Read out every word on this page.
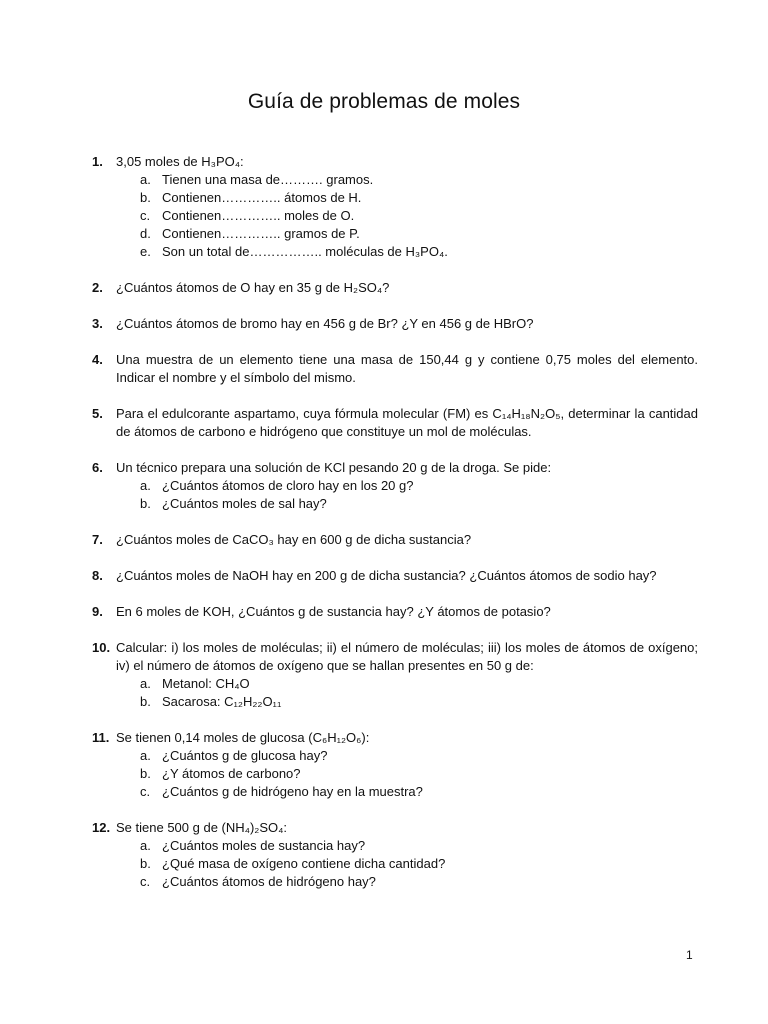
Guía de problemas de moles
1.	3,05 moles de H₃PO₄:
a. Tienen una masa de………. gramos.
b. Contienen………….. átomos de H.
c. Contienen………….. moles de O.
d. Contienen………….. gramos de P.
e. Son un total de…………….. moléculas de H₃PO₄.
2.	¿Cuántos átomos de O hay en 35 g de H₂SO₄?
3.	¿Cuántos átomos de bromo hay en 456 g de Br? ¿Y en 456 g de HBrO?
4.	Una muestra de un elemento tiene una masa de 150,44 g y contiene 0,75 moles del elemento. Indicar el nombre y el símbolo del mismo.
5.	Para el edulcorante aspartamo, cuya fórmula molecular (FM) es C₁₄H₁₈N₂O₅, determinar la cantidad de átomos de carbono e hidrógeno que constituye un mol de moléculas.
6.	Un técnico prepara una solución de KCl pesando 20 g de la droga. Se pide:
a. ¿Cuántos átomos de cloro hay en los 20 g?
b. ¿Cuántos moles de sal hay?
7.	¿Cuántos moles de CaCO₃ hay en 600 g de dicha sustancia?
8.	¿Cuántos moles de NaOH hay en 200 g de dicha sustancia? ¿Cuántos átomos de sodio hay?
9.	En 6 moles de KOH, ¿Cuántos g de sustancia hay? ¿Y átomos de potasio?
10. Calcular: i) los moles de moléculas; ii) el número de moléculas; iii) los moles de átomos de oxígeno; iv) el número de átomos de oxígeno que se hallan presentes en 50 g de:
a. Metanol: CH₄O
b. Sacarosa: C₁₂H₂₂O₁₁
11. Se tienen 0,14 moles de glucosa (C₆H₁₂O₆):
a. ¿Cuántos g de glucosa hay?
b. ¿Y átomos de carbono?
c. ¿Cuántos g de hidrógeno hay en la muestra?
12. Se tiene 500 g de (NH₄)₂SO₄:
a. ¿Cuántos moles de sustancia hay?
b. ¿Qué masa de oxígeno contiene dicha cantidad?
c. ¿Cuántos átomos de hidrógeno hay?
1
